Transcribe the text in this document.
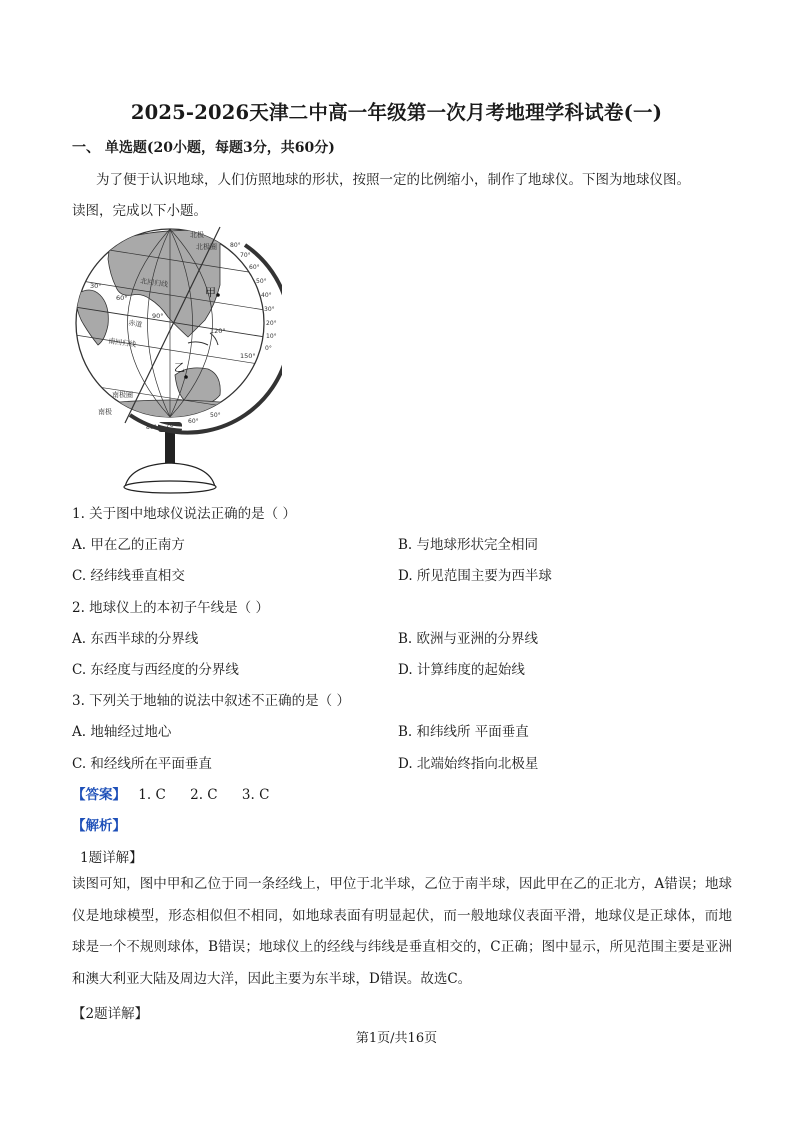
2025-2026天津二中高一年级第一次月考地理学科试卷(一)
一、 单选题(20小题，每题3分，共60分)
为了便于认识地球，人们仿照地球的形状，按照一定的比例缩小，制作了地球仪。下图为地球仪图。
读图，完成以下小题。
北极
北极圈
北回归线
赤道
南回归线
南极圈
南极
甲
乙
30°
60°
90°
120°
150°
80°
70°
60°
50°
40°
30°
20°
10°
0°
50°
60°
70°
80°
1. 关于图中地球仪说法正确的是（ ）
A. 甲在乙的正南方	B. 与地球形状完全相同
C. 经纬线垂直相交	D. 所见范围主要为西半球
2. 地球仪上的本初子午线是（ ）
A. 东西半球的分界线	B. 欧洲与亚洲的分界线
C. 东经度与西经度的分界线	D. 计算纬度的起始线
3. 下列关于地轴的说法中叙述不正确的是（ ）
A. 地轴经过地心	B. 和纬线所 平面垂直
C. 和经线所在平面垂直	D. 北端始终指向北极星
【答案】 1. C 2. C 3. C
【解析】
1题详解】
读图可知，图中甲和乙位于同一条经线上，甲位于北半球，乙位于南半球，因此甲在乙的正北方，A错误；地球仪是地球模型，形态相似但不相同，如地球表面有明显起伏，而一般地球仪表面平滑，地球仪是正球体，而地球是一个不规则球体，B错误；地球仪上的经线与纬线是垂直相交的，C正确；图中显示，所见范围主要是亚洲和澳大利亚大陆及周边大洋，因此主要为东半球，D错误。故选C。
【2题详解】
第1页/共16页
